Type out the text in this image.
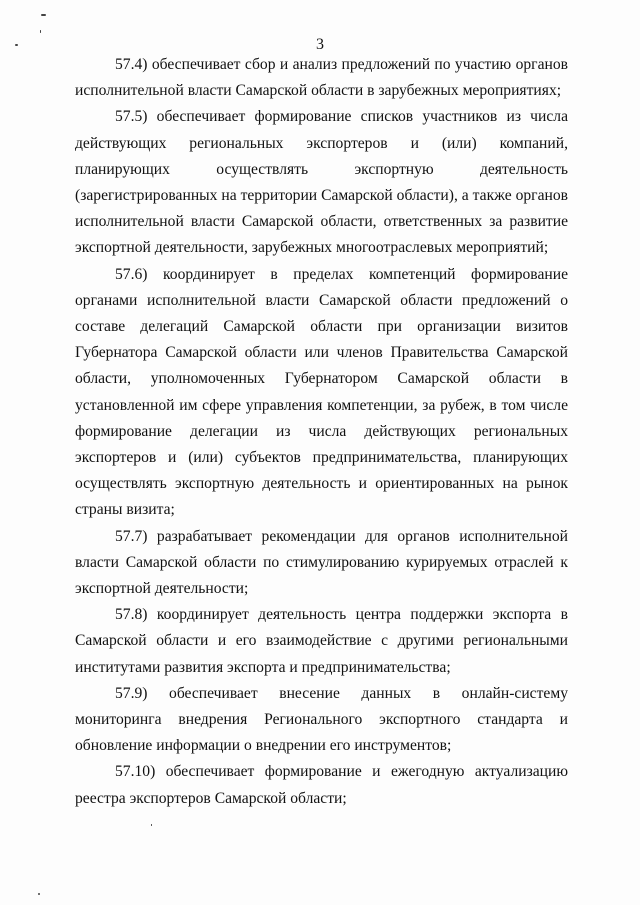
3

57.4) обеспечивает сбор и анализ предложений по участию органов исполнительной власти Самарской области в зарубежных мероприятиях;

57.5) обеспечивает формирование списков участников из числа действующих региональных экспортеров и (или) компаний, планирующих осуществлять экспортную деятельность (зарегистрированных на территории Самарской области), а также органов исполнительной власти Самарской области, ответственных за развитие экспортной деятельности, зарубежных многоотраслевых мероприятий;

57.6) координирует в пределах компетенций формирование органами исполнительной власти Самарской области предложений о составе делегаций Самарской области при организации визитов Губернатора Самарской области или членов Правительства Самарской области, уполномоченных Губернатором Самарской области в установленной им сфере управления компетенции, за рубеж, в том числе формирование делегации из числа действующих региональных экспортеров и (или) субъектов предпринимательства, планирующих осуществлять экспортную деятельность и ориентированных на рынок страны визита;

57.7) разрабатывает рекомендации для органов исполнительной власти Самарской области по стимулированию курируемых отраслей к экспортной деятельности;

57.8) координирует деятельность центра поддержки экспорта в Самарской области и его взаимодействие с другими региональными институтами развития экспорта и предпринимательства;

57.9) обеспечивает внесение данных в онлайн-систему мониторинга внедрения Регионального экспортного стандарта и обновление информации о внедрении его инструментов;

57.10) обеспечивает формирование и ежегодную актуализацию реестра экспортеров Самарской области;
